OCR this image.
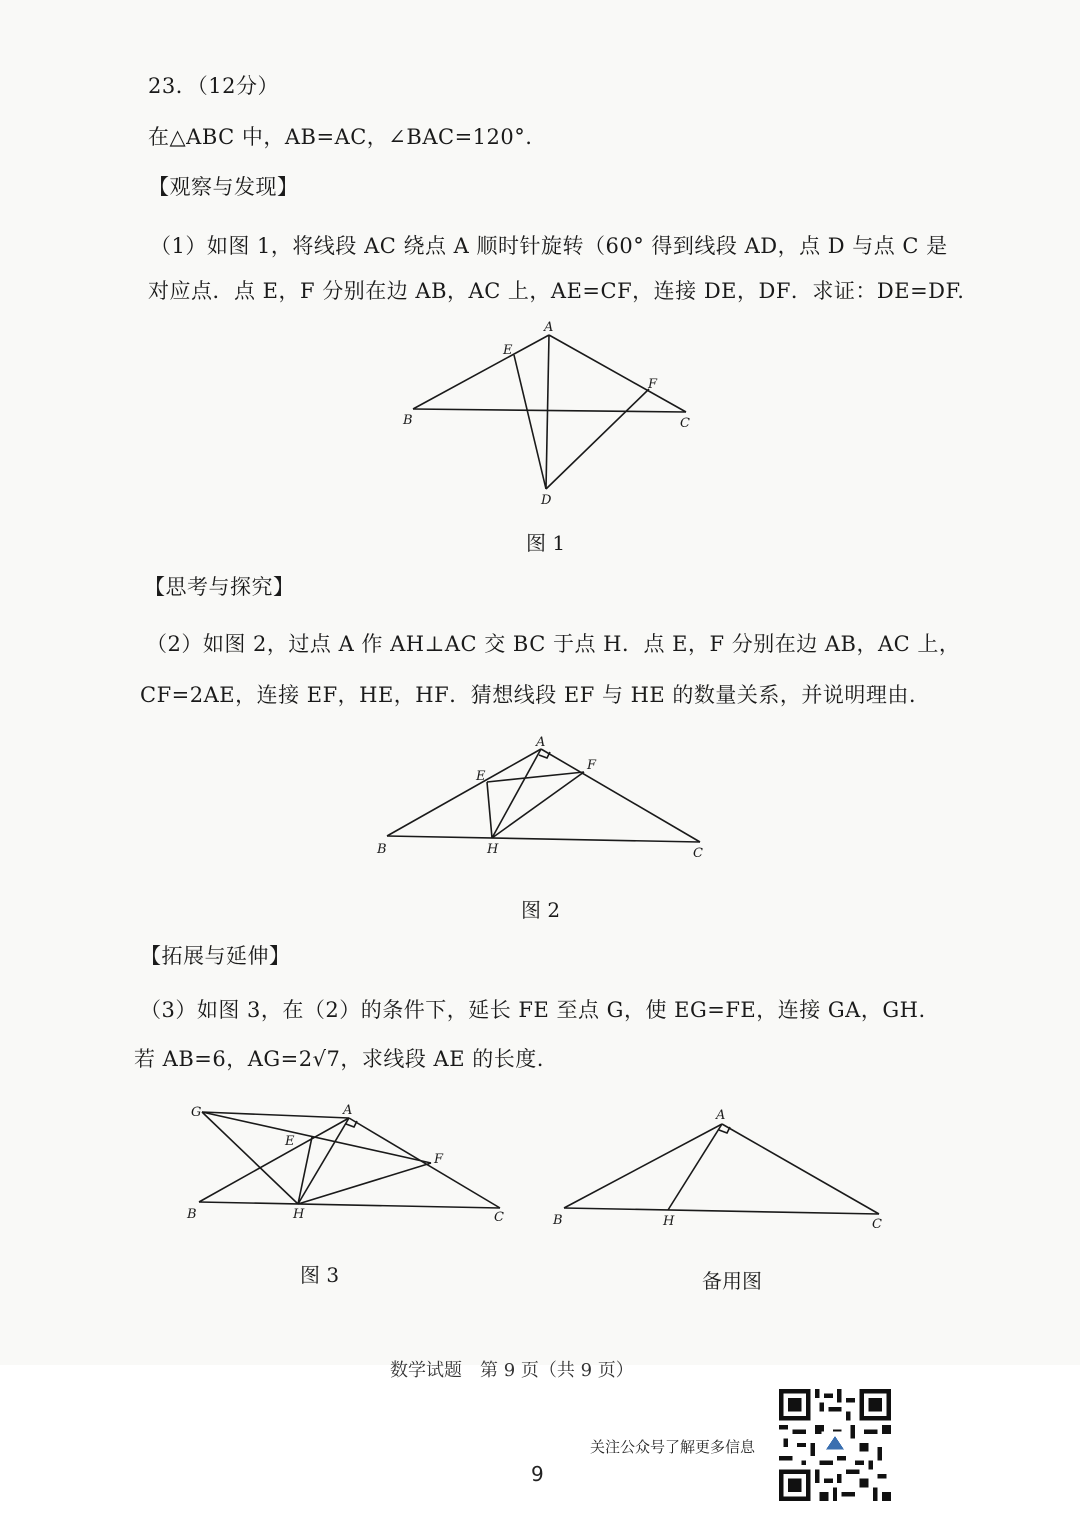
23．（12分）
在△ABC 中，AB=AC，∠BAC=120°.
【观察与发现】
（1）如图 1，将线段 AC 绕点 A 顺时针旋转（60° 得到线段 AD，点 D 与点 C 是
对应点．点 E，F 分别在边 AB，AC 上，AE=CF，连接 DE，DF．求证：DE=DF.
A
B	C
D
E
F
图 1
【思考与探究】
（2）如图 2，过点 A 作 AH⊥AC 交 BC 于点 H．点 E，F 分别在边 AB，AC 上，
CF=2AE，连接 EF，HE，HF．猜想线段 EF 与 HE 的数量关系，并说明理由.
A
B	C
E
F
H
图 2
【拓展与延伸】
（3）如图 3，在（2）的条件下，延长 FE 至点 G，使 EG=FE，连接 GA，GH.
若 AB=6，AG=2√7，求线段 AE 的长度.
A
B	C
E
F
G
H
图 3
A
B	C
H
备用图
数学试题　第 9 页（共 9 页）
关注公众号了解更多信息
9
